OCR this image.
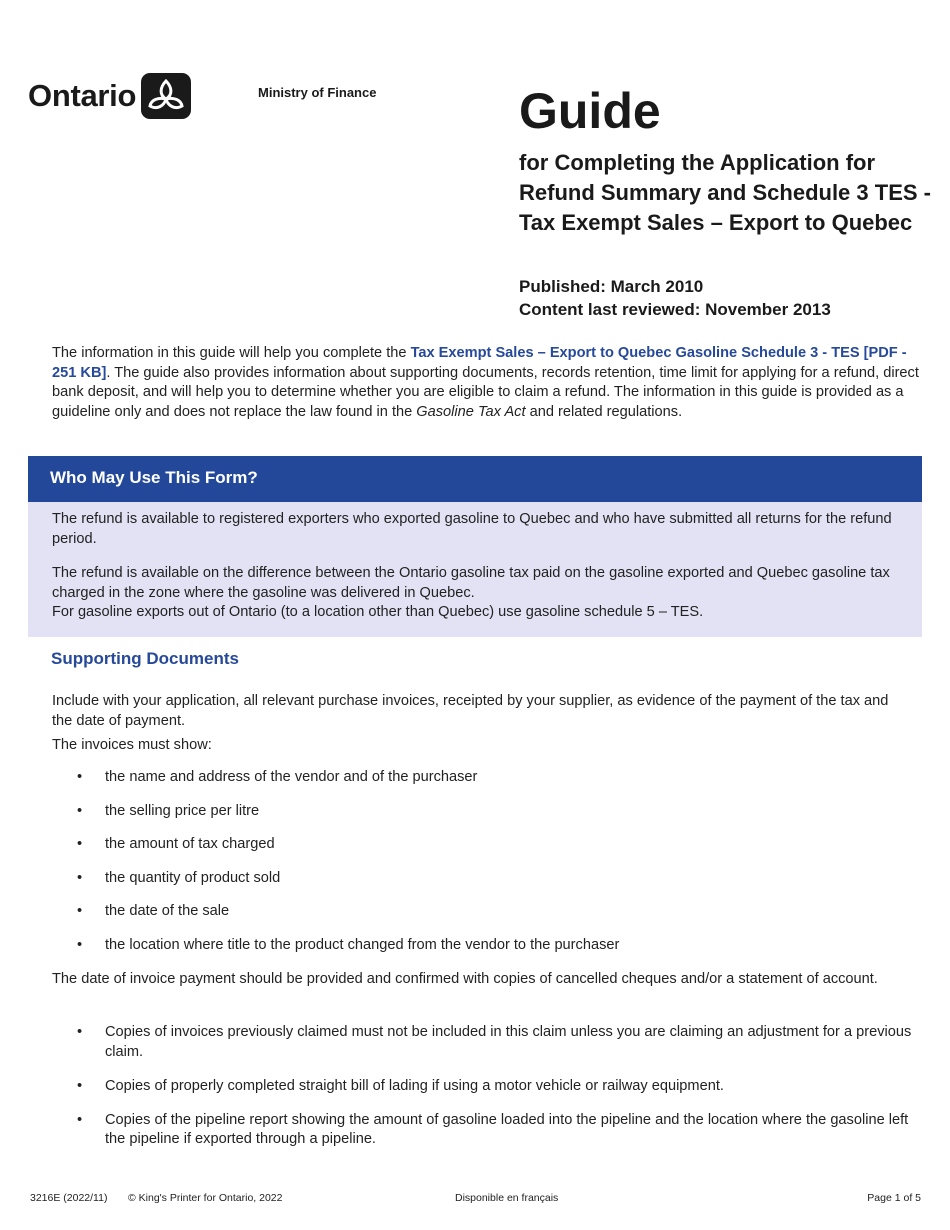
Ontario	Ministry of Finance	Guide
for Completing the Application for Refund Summary and Schedule 3 TES - Tax Exempt Sales – Export to Quebec
Published: March 2010
Content last reviewed: November 2013
The information in this guide will help you complete the Tax Exempt Sales – Export to Quebec Gasoline Schedule 3 - TES [PDF - 251 KB]. The guide also provides information about supporting documents, records retention, time limit for applying for a refund, direct bank deposit, and will help you to determine whether you are eligible to claim a refund. The information in this guide is provided as a guideline only and does not replace the law found in the Gasoline Tax Act and related regulations.
Who May Use This Form?

The refund is available to registered exporters who exported gasoline to Quebec and who have submitted all returns for the refund period.

The refund is available on the difference between the Ontario gasoline tax paid on the gasoline exported and Quebec gasoline tax charged in the zone where the gasoline was delivered in Quebec.

For gasoline exports out of Ontario (to a location other than Quebec) use gasoline schedule 5 – TES.

Supporting Documents
Include with your application, all relevant purchase invoices, receipted by your supplier, as evidence of the payment of the tax and the date of payment.
The invoices must show:
• the name and address of the vendor and of the purchaser
• the selling price per litre
• the amount of tax charged
• the quantity of product sold
• the date of the sale
• the location where title to the product changed from the vendor to the purchaser
The date of invoice payment should be provided and confirmed with copies of cancelled cheques and/or a statement of account.
• Copies of invoices previously claimed must not be included in this claim unless you are claiming an adjustment for a previous claim.
• Copies of properly completed straight bill of lading if using a motor vehicle or railway equipment.
• Copies of the pipeline report showing the amount of gasoline loaded into the pipeline and the location where the gasoline left the pipeline if exported through a pipeline.
3216E (2022/11) © King's Printer for Ontario, 2022	Disponible en français	Page 1 of 5
